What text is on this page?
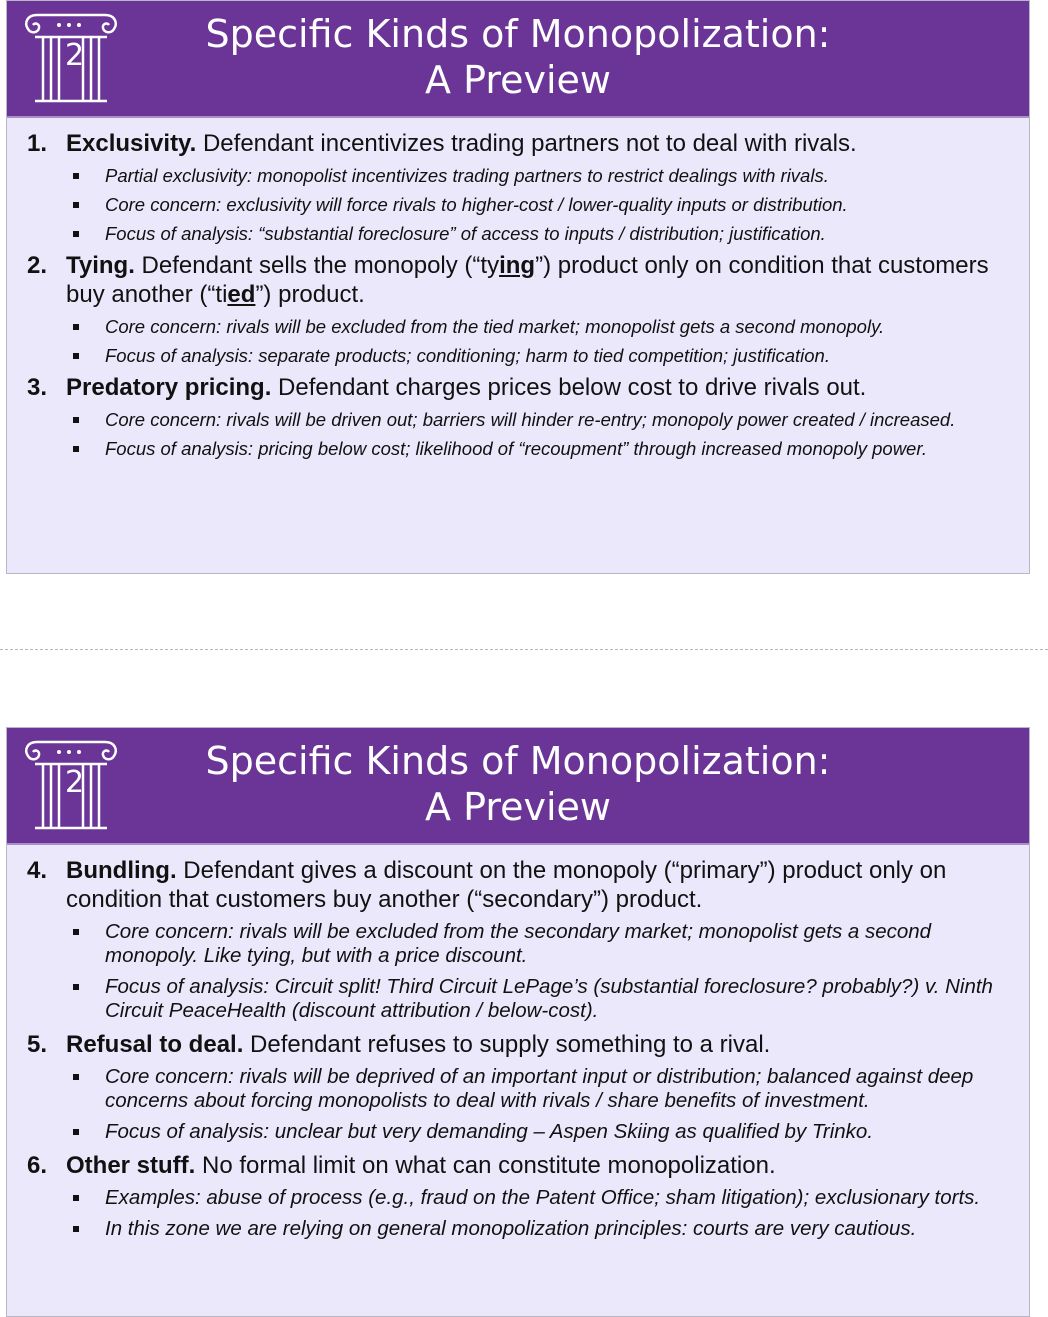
2	Specific Kinds of Monopolization:
A Preview
1. Exclusivity. Defendant incentivizes trading partners not to deal with rivals.
Partial exclusivity: monopolist incentivizes trading partners to restrict dealings with rivals.
Core concern: exclusivity will force rivals to higher-cost / lower-quality inputs or distribution.
Focus of analysis: “substantial foreclosure” of access to inputs / distribution; justification.
2. Tying. Defendant sells the monopoly (“tying”) product only on condition that customers buy another (“tied”) product.
Core concern: rivals will be excluded from the tied market; monopolist gets a second monopoly.
Focus of analysis: separate products; conditioning; harm to tied competition; justification.
3. Predatory pricing. Defendant charges prices below cost to drive rivals out.
Core concern: rivals will be driven out; barriers will hinder re-entry; monopoly power created / increased.
Focus of analysis: pricing below cost; likelihood of “recoupment” through increased monopoly power.
2	Specific Kinds of Monopolization:
A Preview
4. Bundling. Defendant gives a discount on the monopoly (“primary”) product only on condition that customers buy another (“secondary”) product.
Core concern: rivals will be excluded from the secondary market; monopolist gets a second monopoly. Like tying, but with a price discount.
Focus of analysis: Circuit split! Third Circuit LePage’s (substantial foreclosure? probably?) v. Ninth Circuit PeaceHealth (discount attribution / below-cost).
5. Refusal to deal. Defendant refuses to supply something to a rival.
Core concern: rivals will be deprived of an important input or distribution; balanced against deep concerns about forcing monopolists to deal with rivals / share benefits of investment.
Focus of analysis: unclear but very demanding – Aspen Skiing as qualified by Trinko.
6. Other stuff. No formal limit on what can constitute monopolization.
Examples: abuse of process (e.g., fraud on the Patent Office; sham litigation); exclusionary torts.
In this zone we are relying on general monopolization principles: courts are very cautious.
